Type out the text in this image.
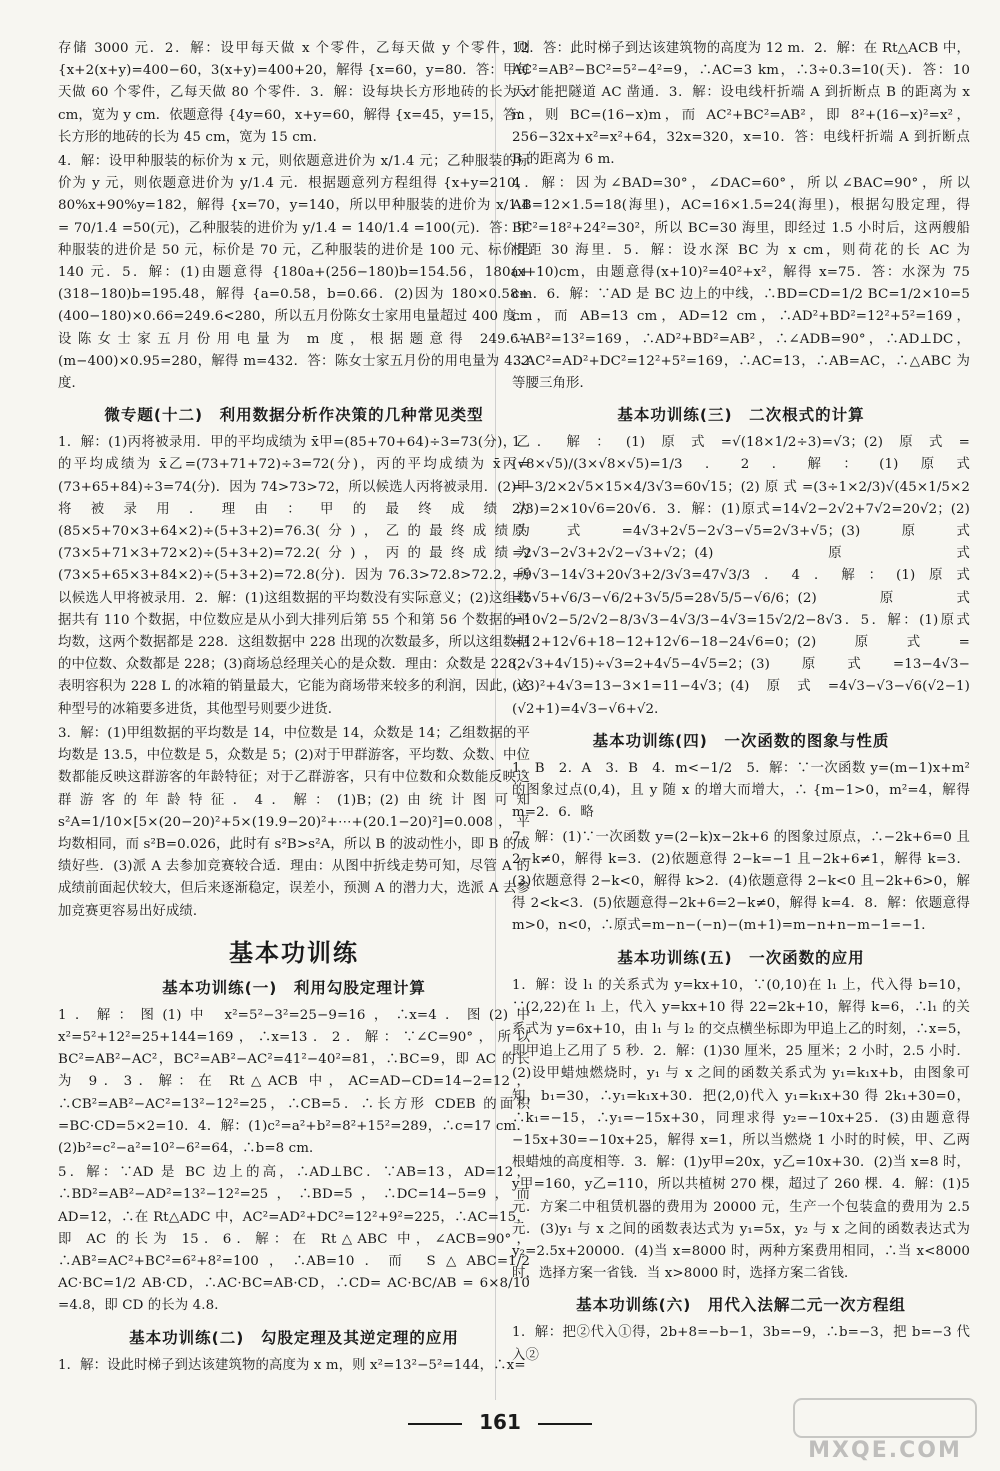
存储 3000 元．2．解：设甲每天做 x 个零件，乙每天做 y 个零件，则 {x+2(x+y)=400−60，3(x+y)=400+20，解得 {x=60，y=80．答：甲每天做 60 个零件，乙每天做 80 个零件．3．解：设每块长方形地砖的长为 x cm，宽为 y cm．依题意得 {4y=60，x+y=60，解得 {x=45，y=15，答：长方形的地砖的长为 45 cm，宽为 15 cm．

4．解：设甲种服装的标价为 x 元，则依题意进价为 x/1.4 元；乙种服装的标价为 y 元，则依题意进价为 y/1.4 元．根据题意列方程组得 {x+y=210，80%x+90%y=182，解得 {x=70，y=140，所以甲种服装的进价为 x/1.4 = 70/1.4 =50(元)，乙种服装的进价为 y/1.4 = 140/1.4 =100(元)．答：甲种服装的进价是 50 元，标价是 70 元，乙种服装的进价是 100 元、标价是 140 元．5．解：(1)由题意得 {180a+(256−180)b=154.56，180a+(318−180)b=195.48，解得 {a=0.58，b=0.66．(2)因为 180×0.58+(400−180)×0.66=249.6<280，所以五月份陈女士家用电量超过 400 度．设陈女士家五月份用电量为 m 度，根据题意得 249.6+(m−400)×0.95=280，解得 m=432．答：陈女士家五月份的用电量为 432 度．

微专题(十二)　利用数据分析作决策的几种常见类型

1．解：(1)丙将被录用．甲的平均成绩为 x̄甲=(85+70+64)÷3=73(分)，乙的平均成绩为 x̄乙=(73+71+72)÷3=72(分)，丙的平均成绩为 x̄丙=(73+65+84)÷3=74(分)．因为 74>73>72，所以候选人丙将被录用．(2)甲将被录用．理由：甲的最终成绩为(85×5+70×3+64×2)÷(5+3+2)=76.3(分)，乙的最终成绩为(73×5+71×3+72×2)÷(5+3+2)=72.2(分)，丙的最终成绩为(73×5+65×3+84×2)÷(5+3+2)=72.8(分)．因为 76.3>72.8>72.2，所以候选人甲将被录用．2．解：(1)这组数据的平均数没有实际意义；(2)这组数据共有 110 个数据，中位数应是从小到大排列后第 55 个和第 56 个数据的平均数，这两个数据都是 228．这组数据中 228 出现的次数最多，所以这组数据的中位数、众数都是 228；(3)商场总经理关心的是众数．理由：众数是 228，表明容积为 228 L 的冰箱的销量最大，它能为商场带来较多的利润，因此，这种型号的冰箱要多进货，其他型号则要少进货．

3．解：(1)甲组数据的平均数是 14，中位数是 14，众数是 14；乙组数据的平均数是 13.5，中位数是 5，众数是 5；(2)对于甲群游客，平均数、众数、中位数都能反映这群游客的年龄特征；对于乙群游客，只有中位数和众数能反映这群游客的年龄特征．4．解：(1)B；(2)由统计图可知 s²A=1/10×[5×(20−20)²+5×(19.9−20)²+⋯+(20.1−20)²]=0.008，平均数相同，而 s²B=0.026，此时有 s²B>s²A，所以 B 的波动性小，即 B 的成绩好些．(3)派 A 去参加竞赛较合适．理由：从图中折线走势可知，尽管 A 的成绩前面起伏较大，但后来逐渐稳定，误差小，预测 A 的潜力大，选派 A 去参加竞赛更容易出好成绩．

基本功训练
基本功训练(一)　利用勾股定理计算

1．解：图(1)中 x²=5²−3²=25−9=16，∴x=4．图(2)中 x²=5²+12²=25+144=169，∴x=13．2．解：∵∠C=90°，所以 BC²=AB²−AC²，BC²=AB²−AC²=41²−40²=81，∴BC=9，即 AC 的长为 9．3．解：在 Rt△ACB 中，AC=AD−CD=14−2=12，∴CB²=AB²−AC²=13²−12²=25，∴CB=5．∴长方形 CDEB 的面积=BC·CD=5×2=10．4．解：(1)c²=a²+b²=8²+15²=289，∴c=17 cm．(2)b²=c²−a²=10²−6²=64，∴b=8 cm．

5．解：∵AD 是 BC 边上的高，∴AD⊥BC．∵AB=13，AD=12，∴BD²=AB²−AD²=13²−12²=25，∴BD=5，∴DC=14−5=9，而 AD=12，∴在 Rt△ADC 中，AC²=AD²+DC²=12²+9²=225，∴AC=15，即 AC 的长为 15．6．解：在 Rt△ABC 中，∠ACB=90°，∴AB²=AC²+BC²=6²+8²=100，∴AB=10．而 S△ABC=1/2 AC·BC=1/2 AB·CD，∴AC·BC=AB·CD，∴CD= AC·BC/AB = 6×8/10 =4.8，即 CD 的长为 4.8．

基本功训练(二)　勾股定理及其逆定理的应用

1．解：设此时梯子到达该建筑物的高度为 x m，则 x²=13²−5²=144，∴x=

12．答：此时梯子到达该建筑物的高度为 12 m．2．解：在 Rt△ACB 中，AC²=AB²−BC²=5²−4²=9，∴AC=3 km，∴3÷0.3=10(天)．答：10 天才能把隧道 AC 凿通．3．解：设电线杆折端 A 到折断点 B 的距离为 x m，则 BC=(16−x)m，而 AC²+BC²=AB²，即 8²+(16−x)²=x²，256−32x+x²=x²+64，32x=320，x=10．答：电线杆折端 A 到折断点 B 的距离为 6 m．

4．解：因为∠BAD=30°，∠DAC=60°，所以∠BAC=90°，所以 AB=12×1.5=18(海里)，AC=16×1.5=24(海里)，根据勾股定理，得 BC²=18²+24²=30²，所以 BC=30 海里，即经过 1.5 小时后，这两艘船相距 30 海里．5．解：设水深 BC 为 x cm，则荷花的长 AC 为(x+10)cm，由题意得(x+10)²=40²+x²，解得 x=75．答：水深为 75 cm．6．解：∵AD 是 BC 边上的中线，∴BD=CD=1/2 BC=1/2×10=5 cm，而 AB=13 cm，AD=12 cm，∴AD²+BD²=12²+5²=169，∵AB²=13²=169，∴AD²+BD²=AB²，∴∠ADB=90°，∴AD⊥DC，∴AC²=AD²+DC²=12²+5²=169，∴AC=13，∴AB=AC，∴△ABC 为等腰三角形．

基本功训练(三)　二次根式的计算

1．解：(1)原式=√(18×1/2÷3)=√3；(2)原式=(√8×√5)/(3×√8×√5)=1/3．2．解：(1)原式=−3/2×2√5×15×4/3√3=60√15；(2)原式=(3÷1×2/3)√(45×1/5×2 2/3)=2×10√6=20√6．3．解：(1)原式=14√2−2√2+7√2=20√2；(2)原式=4√3+2√5−2√3−√5=2√3+√5；(3)原式=2√3−2√3+2√2−√3+√2；(4)原式=9√3−14√3+20√3+2/3√3=47√3/3．4．解：(1)原式=5√5+√6/3−√6/2+3√5/5=28√5/5−√6/6；(2)原式=10√2−5/2√2−8/3√3−4√3/3−4√3=15√2/2−8√3．5．解：(1)原式=12+12√6+18−12+12√6−18−24√6=0；(2)原式=(2√3+4√15)÷√3=2+4√5−4√5=2；(3)原式=13−4√3−(√3)²+4√3=13−3×1=11−4√3；(4)原式=4√3−√3−√6(√2−1)(√2+1)=4√3−√6+√2．

基本功训练(四)　一次函数的图象与性质

1．B　2．A　3．B　4．m<−1/2　5．解：∵一次函数 y=(m−1)x+m² 的图象过点(0,4)，且 y 随 x 的增大而增大，∴ {m−1>0，m²=4，解得 m=2．6．略

7．解：(1)∵一次函数 y=(2−k)x−2k+6 的图象过原点，∴−2k+6=0 且 2−k≠0，解得 k=3．(2)依题意得 2−k=−1 且−2k+6≠1，解得 k=3．(3)依题意得 2−k<0，解得 k>2．(4)依题意得 2−k<0 且−2k+6>0，解得 2<k<3．(5)依题意得−2k+6=2−k≠0，解得 k=4．8．解：依题意得 m>0，n<0，∴原式=m−n−(−n)−(m+1)=m−n+n−m−1=−1．

基本功训练(五)　一次函数的应用

1．解：设 l₁ 的关系式为 y=kx+10，∵(0,10)在 l₁ 上，代入得 b=10，∵(2,22)在 l₁ 上，代入 y=kx+10 得 22=2k+10，解得 k=6，∴l₁ 的关系式为 y=6x+10，由 l₁ 与 l₂ 的交点横坐标即为甲追上乙的时刻，∴x=5，即甲追上乙用了 5 秒．2．解：(1)30 厘米，25 厘米；2 小时，2.5 小时．(2)设甲蜡烛燃烧时，y₁ 与 x 之间的函数关系式为 y₁=k₁x+b，由图象可知，b₁=30，∴y₁=k₁x+30．把(2,0)代入 y₁=k₁x+30 得 2k₁+30=0，∴k₁=−15，∴y₁=−15x+30，同理求得 y₂=−10x+25．(3)由题意得−15x+30=−10x+25，解得 x=1，所以当燃烧 1 小时的时候，甲、乙两根蜡烛的高度相等．3．解：(1)y甲=20x，y乙=10x+30．(2)当 x=8 时，y甲=160，y乙=110，所以共植树 270 棵，超过了 260 棵．4．解：(1)5 元．方案二中租赁机器的费用为 20000 元，生产一个包装盒的费用为 2.5 元．(3)y₁ 与 x 之间的函数表达式为 y₁=5x，y₂ 与 x 之间的函数表达式为 y₂=2.5x+20000．(4)当 x=8000 时，两种方案费用相同，∴当 x<8000 时，选择方案一省钱．当 x>8000 时，选择方案二省钱．

基本功训练(六)　用代入法解二元一次方程组

1．解：把②代入①得，2b+8=−b−1，3b=−9，∴b=−3，把 b=−3 代入②

161
MXQE.COM
